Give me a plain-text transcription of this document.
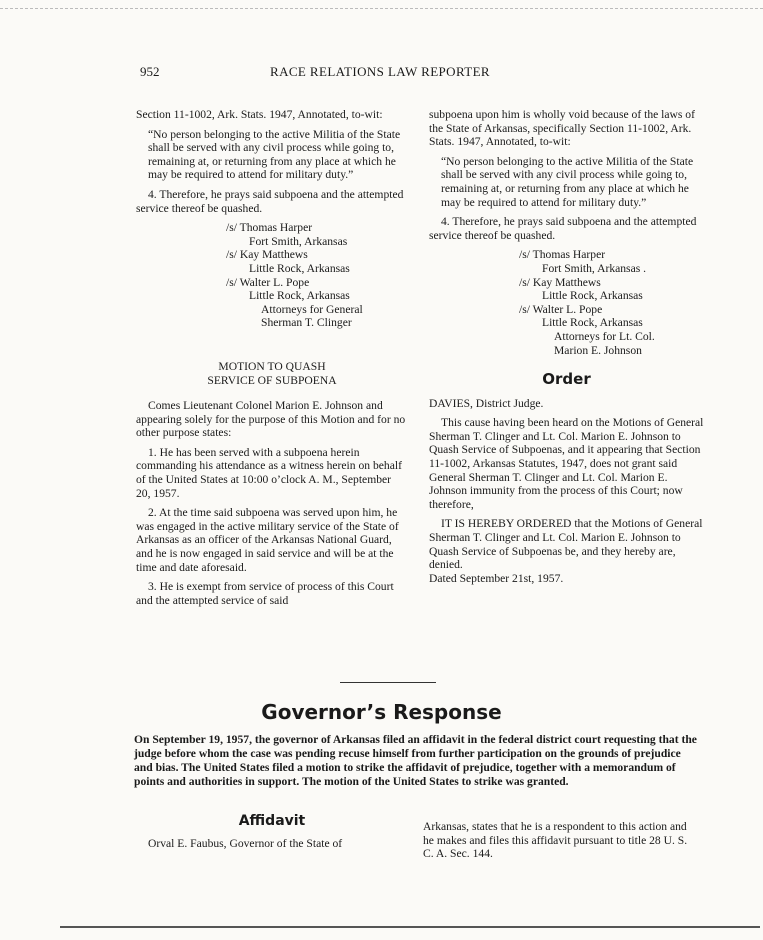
952	RACE RELATIONS LAW REPORTER

Section 11-1002, Ark. Stats. 1947, Annotated, to-wit:

“No person belonging to the active Militia of the State shall be served with any civil process while going to, remaining at, or returning from any place at which he may be required to attend for military duty.”

4. Therefore, he prays said subpoena and the attempted service thereof be quashed.

/s/ Thomas Harper
Fort Smith, Arkansas
/s/ Kay Matthews
Little Rock, Arkansas
/s/ Walter L. Pope
Little Rock, Arkansas
Attorneys for General
Sherman T. Clinger
MOTION TO QUASH
SERVICE OF SUBPOENA

Comes Lieutenant Colonel Marion E. Johnson and appearing solely for the purpose of this Motion and for no other purpose states:

1. He has been served with a subpoena herein commanding his attendance as a witness herein on behalf of the United States at 10:00 o’clock A. M., September 20, 1957.

2. At the time said subpoena was served upon him, he was engaged in the active military service of the State of Arkansas as an officer of the Arkansas National Guard, and he is now engaged in said service and will be at the time and date aforesaid.

3. He is exempt from service of process of this Court and the attempted service of said

subpoena upon him is wholly void because of the laws of the State of Arkansas, specifically Section 11-1002, Ark. Stats. 1947, Annotated, to-wit:

“No person belonging to the active Militia of the State shall be served with any civil process while going to, remaining at, or returning from any place at which he may be required to attend for military duty.”

4. Therefore, he prays said subpoena and the attempted service thereof be quashed.

/s/ Thomas Harper
Fort Smith, Arkansas .
/s/ Kay Matthews
Little Rock, Arkansas
/s/ Walter L. Pope
Little Rock, Arkansas
Attorneys for Lt. Col.
Marion E. Johnson
Order

DAVIES, District Judge.

This cause having been heard on the Motions of General Sherman T. Clinger and Lt. Col. Marion E. Johnson to Quash Service of Subpoenas, and it appearing that Section 11-1002, Arkansas Statutes, 1947, does not grant said General Sherman T. Clinger and Lt. Col. Marion E. Johnson immunity from the process of this Court; now therefore,

IT IS HEREBY ORDERED that the Motions of General Sherman T. Clinger and Lt. Col. Marion E. Johnson to Quash Service of Subpoenas be, and they hereby are, denied.

Dated September 21st, 1957.

Governor’s Response

On September 19, 1957, the governor of Arkansas filed an affidavit in the federal district court requesting that the judge before whom the case was pending recuse himself from further participation on the grounds of prejudice and bias. The United States filed a motion to strike the affidavit of prejudice, together with a memorandum of points and authorities in support. The motion of the United States to strike was granted.

Affidavit

Orval E. Faubus, Governor of the State of

Arkansas, states that he is a respondent to this action and he makes and files this affidavit pursuant to title 28 U. S. C. A. Sec. 144.
